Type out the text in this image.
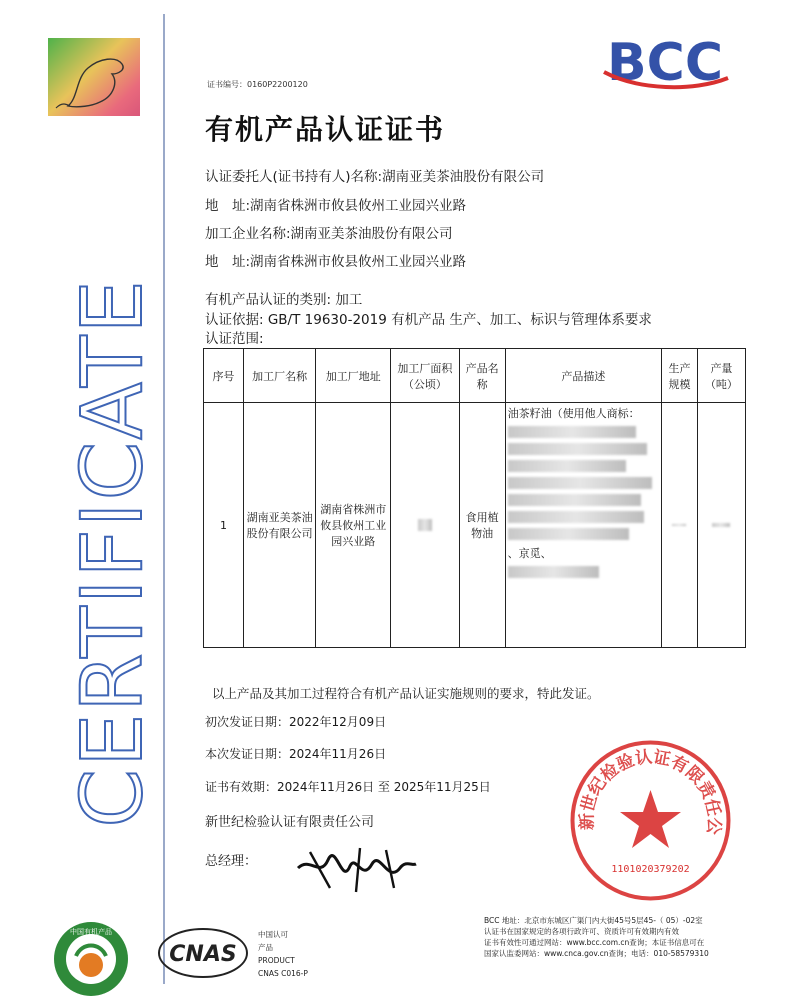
CERTIFICATE
证书编号：0160P2200120
有机产品认证证书
BCC
认证委托人(证书持有人)名称:湖南亚美茶油股份有限公司
地　址:湖南省株洲市攸县攸州工业园兴业路
加工企业名称:湖南亚美茶油股份有限公司
地　址:湖南省株洲市攸县攸州工业园兴业路
有机产品认证的类别: 加工
认证依据: GB/T 19630-2019 有机产品 生产、加工、标识与管理体系要求
认证范围:
序号	加工厂名称	加工厂地址	加工厂面积（公顷）	产品名称	产品描述	生产规模	产量（吨）
1	湖南亚美茶油股份有限公司	湖南省株洲市攸县攸州工业园兴业路		食用植物油	油茶籽油（使用他人商标：
、京觅、		

以上产品及其加工过程符合有机产品认证实施规则的要求，特此发证。
初次发证日期：2022年12月09日
本次发证日期：2024年11月26日
证书有效期：2024年11月26日 至 2025年11月25日
新世纪检验认证有限责任公司
总经理：
新世纪检验认证有限责任公
1101020379202
中国有机产品
CNAS
中国认可
产品
PRODUCT
CNAS C016-P
BCC 地址：北京市东城区广渠门内大街45号5层45-（ 05）-02室
认证书在国家规定的各项行政许可、资质许可有效期内有效
证书有效性可通过网站：www.bcc.com.cn查询；本证书信息可在
国家认监委网站：www.cnca.gov.cn查询；电话：010-58579310
